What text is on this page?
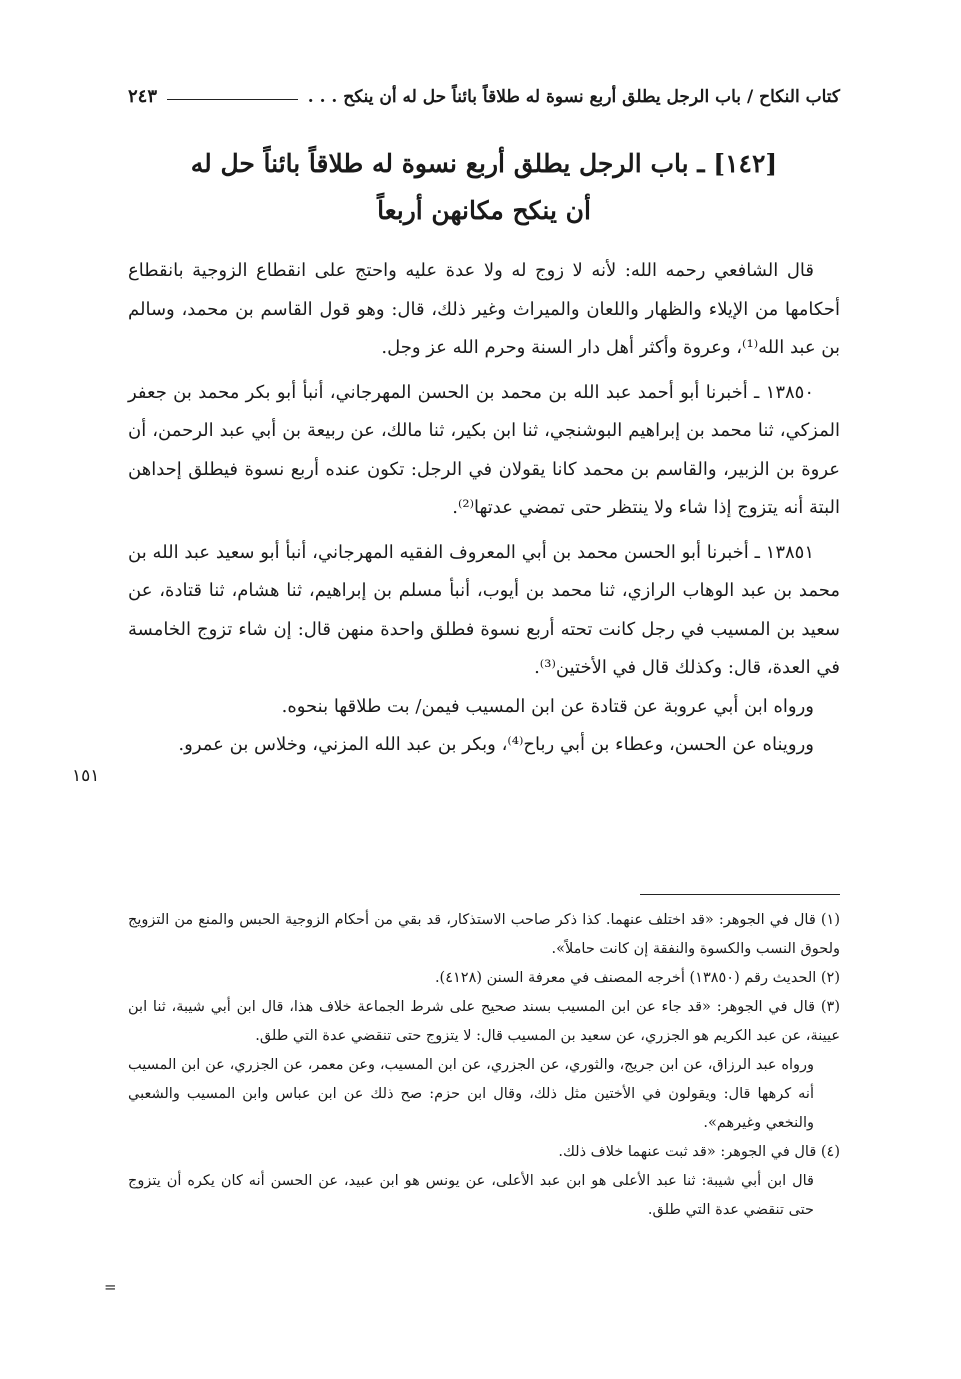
كتاب النكاح / باب الرجل يطلق أربع نسوة له طلاقاً بائناً حل له أن ينكح . . .
٢٤٣
[١٤٢] ـ باب الرجل يطلق أربع نسوة له طلاقاً بائناً حل له
أن ينكح مكانهن أربعاً

قال الشافعي رحمه الله: لأنه لا زوج له ولا عدة عليه واحتج على انقطاع الزوجية بانقطاع أحكامها من الإيلاء والظهار واللعان والميراث وغير ذلك، قال: وهو قول القاسم بن محمد، وسالم بن عبد الله⁽¹⁾، وعروة وأكثر أهل دار السنة وحرم الله عز وجل.

١٣٨٥٠ ـ أخبرنا أبو أحمد عبد الله بن محمد بن الحسن المهرجاني، أنبأ أبو بكر محمد بن جعفر المزكي، ثنا محمد بن إبراهيم البوشنجي، ثنا ابن بكير، ثنا مالك، عن ربيعة بن أبي عبد الرحمن، أن عروة بن الزبير، والقاسم بن محمد كانا يقولان في الرجل: تكون عنده أربع نسوة فيطلق إحداهن البتة أنه يتزوج إذا شاء ولا ينتظر حتى تمضي عدتها⁽²⁾.

١٣٨٥١ ـ أخبرنا أبو الحسن محمد بن أبي المعروف الفقيه المهرجاني، أنبأ أبو سعيد عبد الله بن محمد بن عبد الوهاب الرازي، ثنا محمد بن أيوب، أنبأ مسلم بن إبراهيم، ثنا هشام، ثنا قتادة، عن سعيد بن المسيب في رجل كانت تحته أربع نسوة فطلق واحدة منهن قال: إن شاء تزوج الخامسة في العدة، قال: وكذلك قال في الأختين⁽³⁾.

ورواه ابن أبي عروبة عن قتادة عن ابن المسيب فيمن/ بت طلاقها بنحوه.

ورويناه عن الحسن، وعطاء بن أبي رباح⁽⁴⁾، وبكر بن عبد الله المزني، وخلاس بن عمرو.

١٥١
=

(١) قال في الجوهر: «قد اختلف عنهما. كذا ذكر صاحب الاستذكار، قد بقي من أحكام الزوجية الحبس والمنع من التزويج ولحوق النسب والكسوة والنفقة إن كانت حاملاً».

(٢) الحديث رقم (١٣٨٥٠) أخرجه المصنف في معرفة السنن (٤١٢٨).

(٣) قال في الجوهر: «قد جاء عن ابن المسيب بسند صحيح على شرط الجماعة خلاف هذا، قال ابن أبي شيبة، ثنا ابن عيينة، عن عبد الكريم هو الجزري، عن سعيد بن المسيب قال: لا يتزوج حتى تنقضي عدة التي طلق.

ورواه عبد الرزاق، عن ابن جريج، والثوري، عن الجزري، عن ابن المسيب، وعن معمر، عن الجزري، عن ابن المسيب أنه كرهها قال: ويقولون في الأختين مثل ذلك، وقال ابن حزم: صح ذلك عن ابن عباس وابن المسيب والشعبي والنخعي وغيرهم».

(٤) قال في الجوهر: «قد ثبت عنهما خلاف ذلك.

قال ابن أبي شيبة: ثنا عبد الأعلى هو ابن عبد الأعلى، عن يونس هو ابن عبيد، عن الحسن أنه كان يكره أن يتزوج حتى تنقضي عدة التي طلق.
